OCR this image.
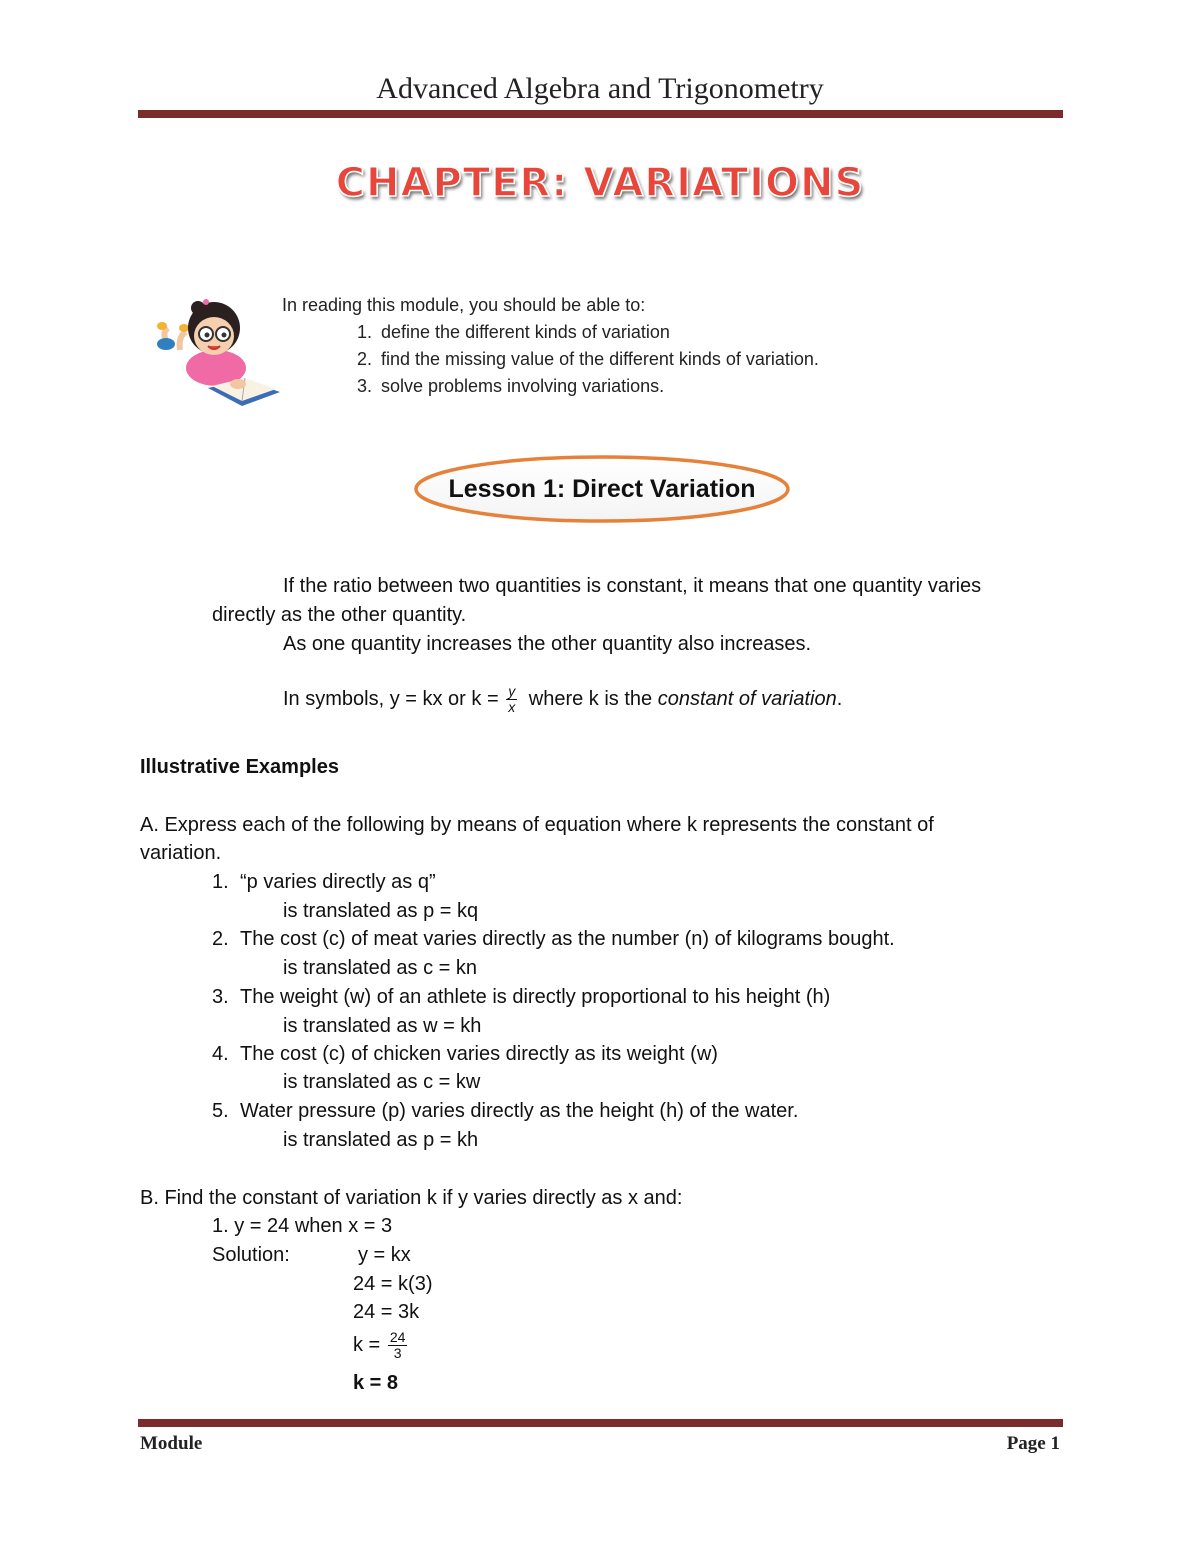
Advanced Algebra and Trigonometry
CHAPTER: VARIATIONS
In reading this module, you should be able to:
1. define the different kinds of variation
2. find the missing value of the different kinds of variation.
3. solve problems involving variations.
Lesson 1: Direct Variation
If the ratio between two quantities is constant, it means that one quantity varies
directly as the other quantity.
As one quantity increases the other quantity also increases.
In symbols, y = kx or $k = \frac{y}{x}$ where k is the constant of variation.
Illustrative Examples
A. Express each of the following by means of equation where k represents the constant of
variation.
1. “p varies directly as q”
is translated as p = kq
2. The cost (c) of meat varies directly as the number (n) of kilograms bought.
is translated as c = kn
3. The weight (w) of an athlete is directly proportional to his height (h)
is translated as w = kh
4. The cost (c) of chicken varies directly as its weight (w)
is translated as c = kw
5. Water pressure (p) varies directly as the height (h) of the water.
is translated as p = kh
B. Find the constant of variation k if y varies directly as x and:
1. y = 24 when x = 3
Solution:	y = kx
24 = k(3)
24 = 3k
$k = \frac{24}{3}$
k = 8
Module	Page 1
